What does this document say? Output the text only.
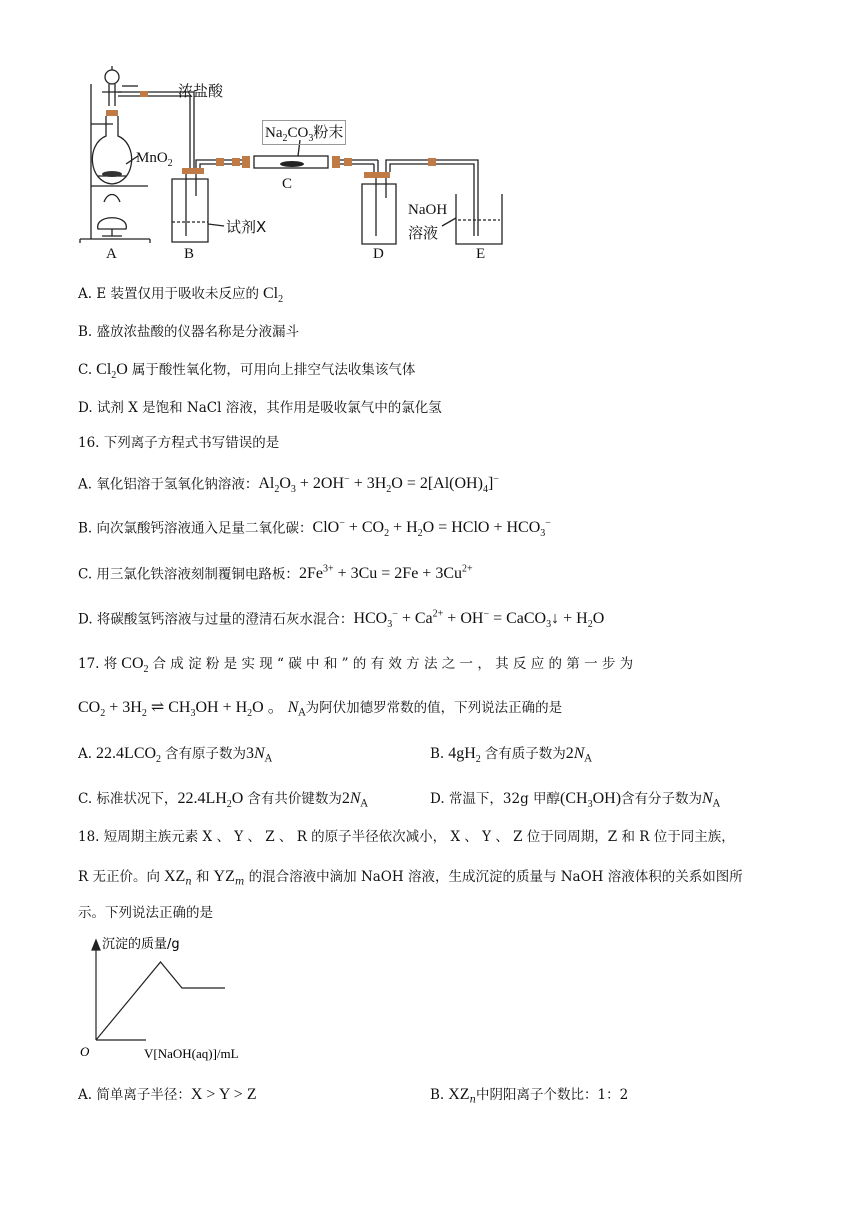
浓盐酸
MnO$_2$
$Na_2CO_3$粉末
C
试剂X
NaOH
溶液
A	B	D	E
A. E 装置仅用于吸收未反应的 $Cl_2$
B. 盛放浓盐酸的仪器名称是分液漏斗
C. $Cl_2O$ 属于酸性氧化物，可用向上排空气法收集该气体
D. 试剂 X 是饱和 NaCl 溶液，其作用是吸收氯气中的氯化氢
16. 下列离子方程式书写错误的是
A. 氧化铝溶于氢氧化钠溶液：$Al_2O_3 + 2OH^- + 3H_2O = 2[Al(OH)_4]^-$
B. 向次氯酸钙溶液通入足量二氧化碳：$ClO^- + CO_2 + H_2O$ = HClO + $HCO_3^-$
C. 用三氯化铁溶液刻制覆铜电路板：$2Fe^{3+} + 3Cu = 2Fe + 3Cu^{2+}$
D. 将碳酸氢钙溶液与过量的澄清石灰水混合：$HCO_3^- + Ca^{2+} + OH^-$ = CaCO$_3$↓ + $H_2O$
17. 将 $CO_2$ 合 成 淀 粉 是 实 现 “ 碳 中 和 ” 的 有 效 方 法 之 一 ， 其 反 应 的 第 一 步 为
$CO_2 + 3H_2$ ⇌ $CH_3OH + H_2O$ 。 $N_A$为阿伏加德罗常数的值，下列说法正确的是
A. $22.4LCO_2$ 含有原子数为$3N_A$	B. $4gH_2$ 含有质子数为$2N_A$
C. 标准状况下，$22.4LH_2O$ 含有共价键数为$2N_A$	D. 常温下，32g 甲醇$(CH_3OH)$含有分子数为$N_A$
18. 短周期主族元素 X 、 Y 、 Z 、 R 的原子半径依次减小， X 、 Y 、 Z 位于同周期，Z 和 R 位于同主族，
R 无正价。向 $XZ_n$ 和 $YZ_m$ 的混合溶液中滴加 NaOH 溶液，生成沉淀的质量与 NaOH 溶液体积的关系如图所
示。下列说法正确的是
沉淀的质量/g
O	V[NaOH(aq)]/mL
A. 简单离子半径：X > Y > Z	B. $XZ_n$中阴阳离子个数比：1：2
